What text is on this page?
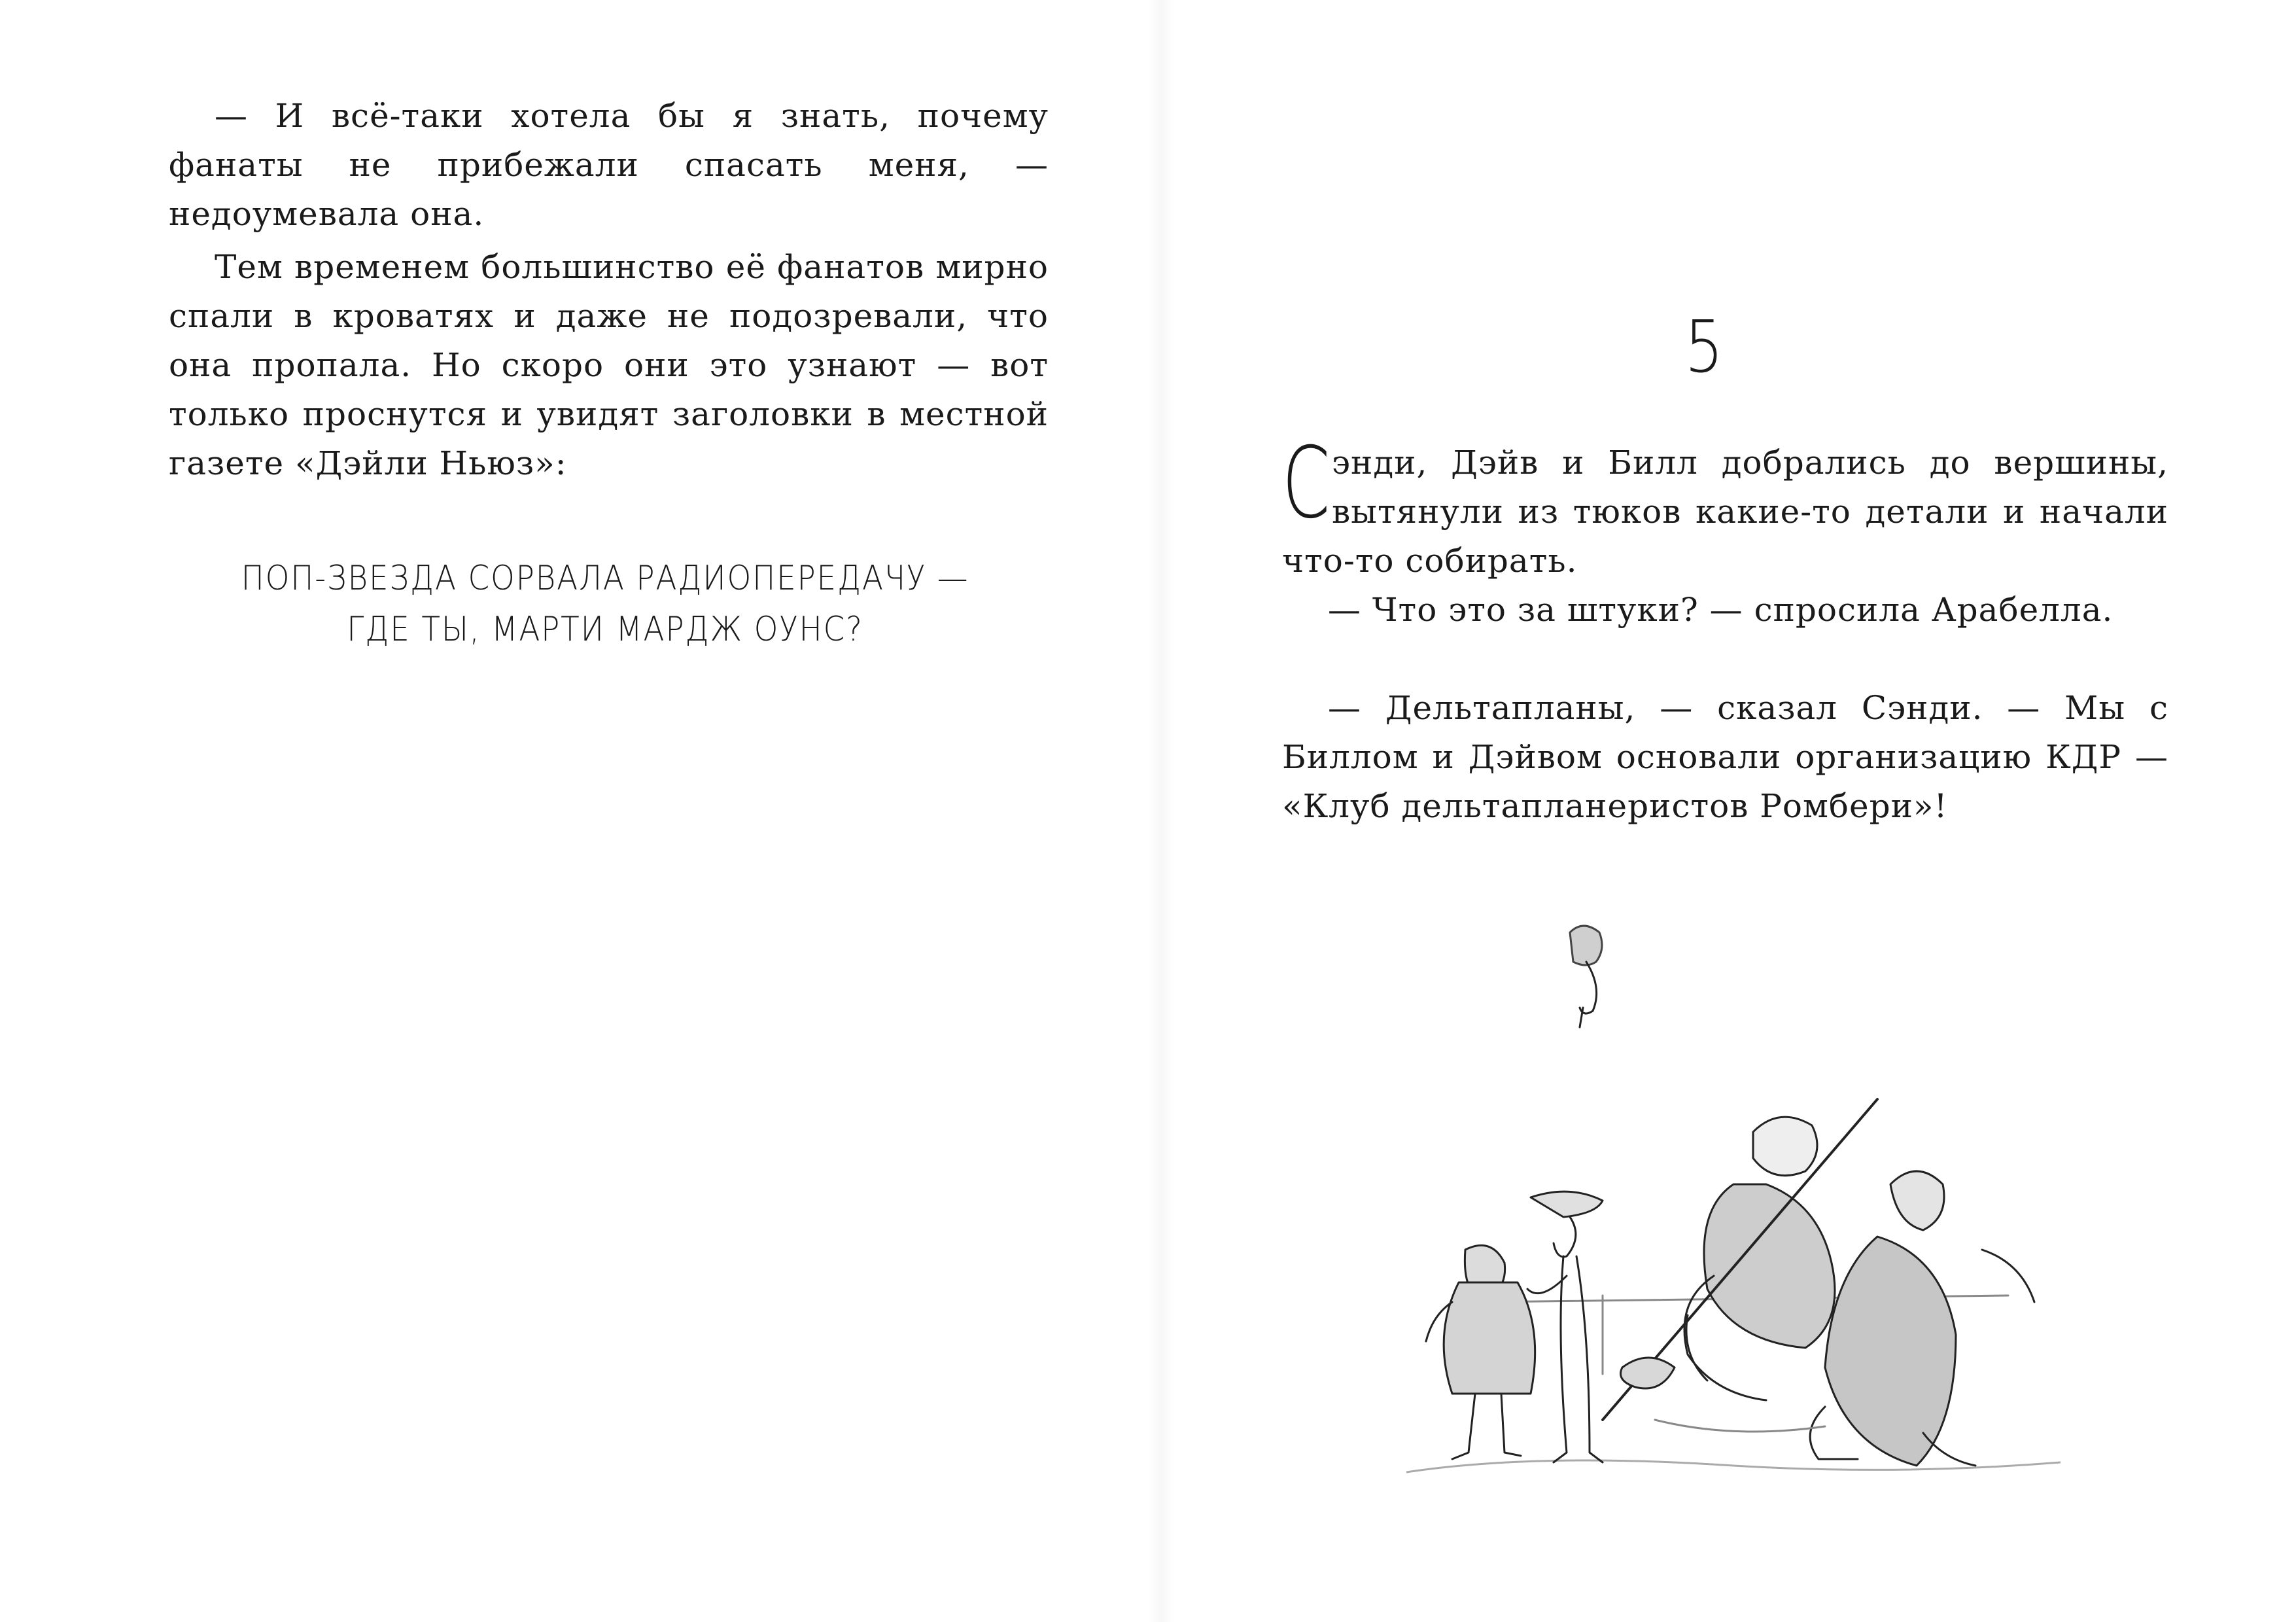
— И всё-таки хотела бы я знать, почему фанаты не прибежали спасать меня, — недоумевала она.

Тем временем большинство её фанатов мирно спали в кроватях и даже не подозревали, что она пропала. Но скоро они это узнают — вот только проснутся и увидят заголовки в местной газете «Дэйли Ньюз»:

ПОП-ЗВЕЗДА СОРВАЛА РАДИОПЕРЕДАЧУ —
ГДЕ ТЫ, МАРТИ МАРДЖ ОУНС?
5

Сэнди, Дэйв и Билл добрались до вершины, вытянули из тюков какие-то детали и начали что-то собирать.

— Что это за штуки? — спросила Арабелла.

— Дельтапланы, — сказал Сэнди. — Мы с Биллом и Дэйвом основали организацию КДР — «Клуб дельтапланеристов Ромбери»!
